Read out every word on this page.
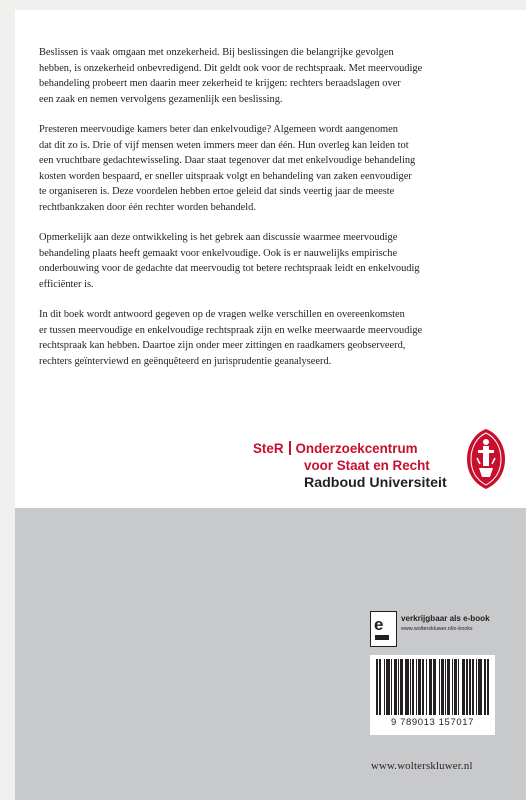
Beslissen is vaak omgaan met onzekerheid. Bij beslissingen die belangrijke gevolgen
hebben, is onzekerheid onbevredigend. Dit geldt ook voor de rechtspraak. Met meervoudige
behandeling probeert men daarin meer zekerheid te krijgen: rechters beraadslagen over
een zaak en nemen vervolgens gezamenlijk een beslissing.

Presteren meervoudige kamers beter dan enkelvoudige? Algemeen wordt aangenomen
dat dit zo is. Drie of vijf mensen weten immers meer dan één. Hun overleg kan leiden tot
een vruchtbare gedachtewisseling. Daar staat tegenover dat met enkelvoudige behandeling
kosten worden bespaard, er sneller uitspraak volgt en behandeling van zaken eenvoudiger
te organiseren is. Deze voordelen hebben ertoe geleid dat sinds veertig jaar de meeste
rechtbankzaken door één rechter worden behandeld.

Opmerkelijk aan deze ontwikkeling is het gebrek aan discussie waarmee meervoudige
behandeling plaats heeft gemaakt voor enkelvoudige. Ook is er nauwelijks empirische
onderbouwing voor de gedachte dat meervoudig tot betere rechtspraak leidt en enkelvoudig
efficiënter is.

In dit boek wordt antwoord gegeven op de vragen welke verschillen en overeenkomsten
er tussen meervoudige en enkelvoudige rechtspraak zijn en welke meerwaarde meervoudige
rechtspraak kan hebben. Daartoe zijn onder meer zittingen en raadkamers geobserveerd,
rechters geïnterviewd en geënquêteerd en jurisprudentie geanalyseerd.

SteR Onderzoekcentrum
voor Staat en Recht
Radboud Universiteit
e verkrijgbaar als e-book
www.wolterskluwer.nl/e-books
9 789013 157017
www.wolterskluwer.nl
